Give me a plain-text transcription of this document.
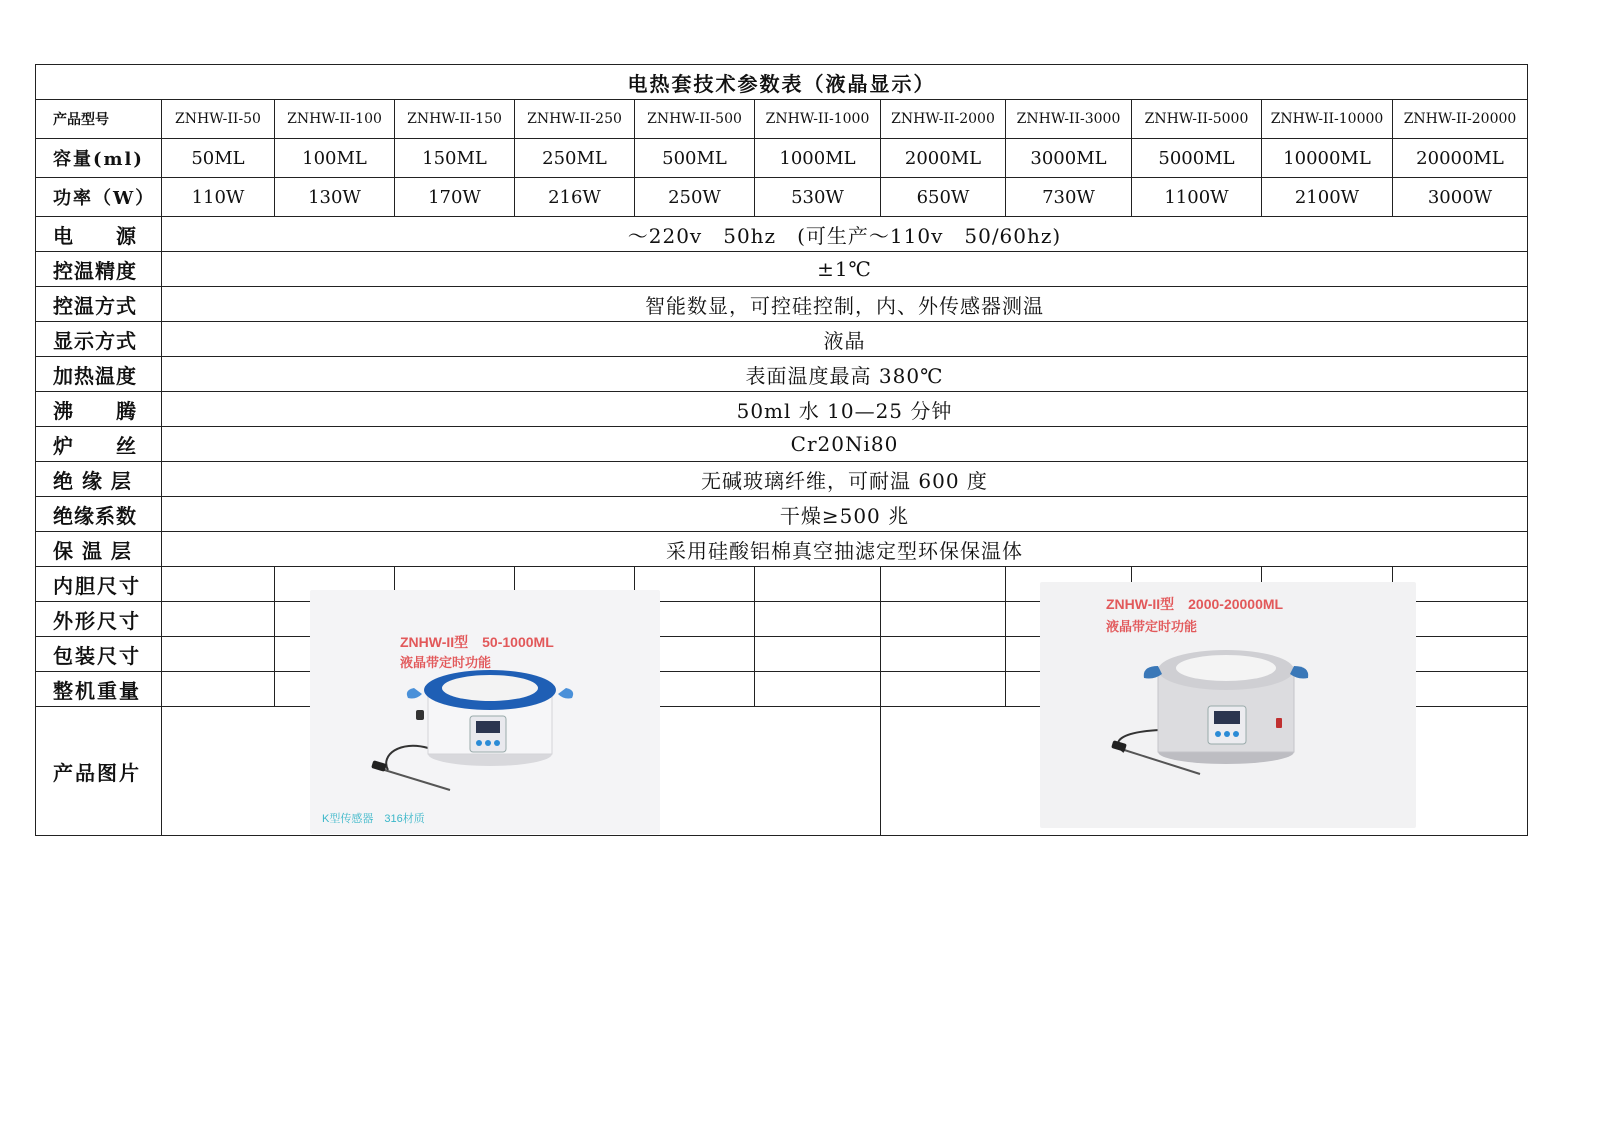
电热套技术参数表（液晶显示）											
产品型号	ZNHW-II-50	ZNHW-II-100	ZNHW-II-150	ZNHW-II-250	ZNHW-II-500	ZNHW-II-1000	ZNHW-II-2000	ZNHW-II-3000	ZNHW-II-5000	ZNHW-II-10000	ZNHW-II-20000
容量(ml)	50ML	100ML	150ML	250ML	500ML	1000ML	2000ML	3000ML	5000ML	10000ML	20000ML
功率（W）	110W	130W	170W	216W	250W	530W	650W	730W	1100W	2100W	3000W
电　　源	～220v　50hz　(可生产～110v　50/60hz)										
控温精度	±1℃										
控温方式	智能数显，可控硅控制，内、外传感器测温										
显示方式	液晶										
加热温度	表面温度最高 380℃										
沸　　腾	50ml 水 10—25 分钟										
炉　　丝	Cr20Ni80										
绝 缘 层	无碱玻璃纤维，可耐温 600 度										
绝缘系数	干燥≥500 兆										
保 温 层	采用硅酸铝棉真空抽滤定型环保保温体										
内胆尺寸											
外形尺寸											
包装尺寸											
整机重量											
产品图片											
ZNHW-II型　50-1000ML
液晶带定时功能
K型传感器　316材质
ZNHW-II型　2000-20000ML
液晶带定时功能
